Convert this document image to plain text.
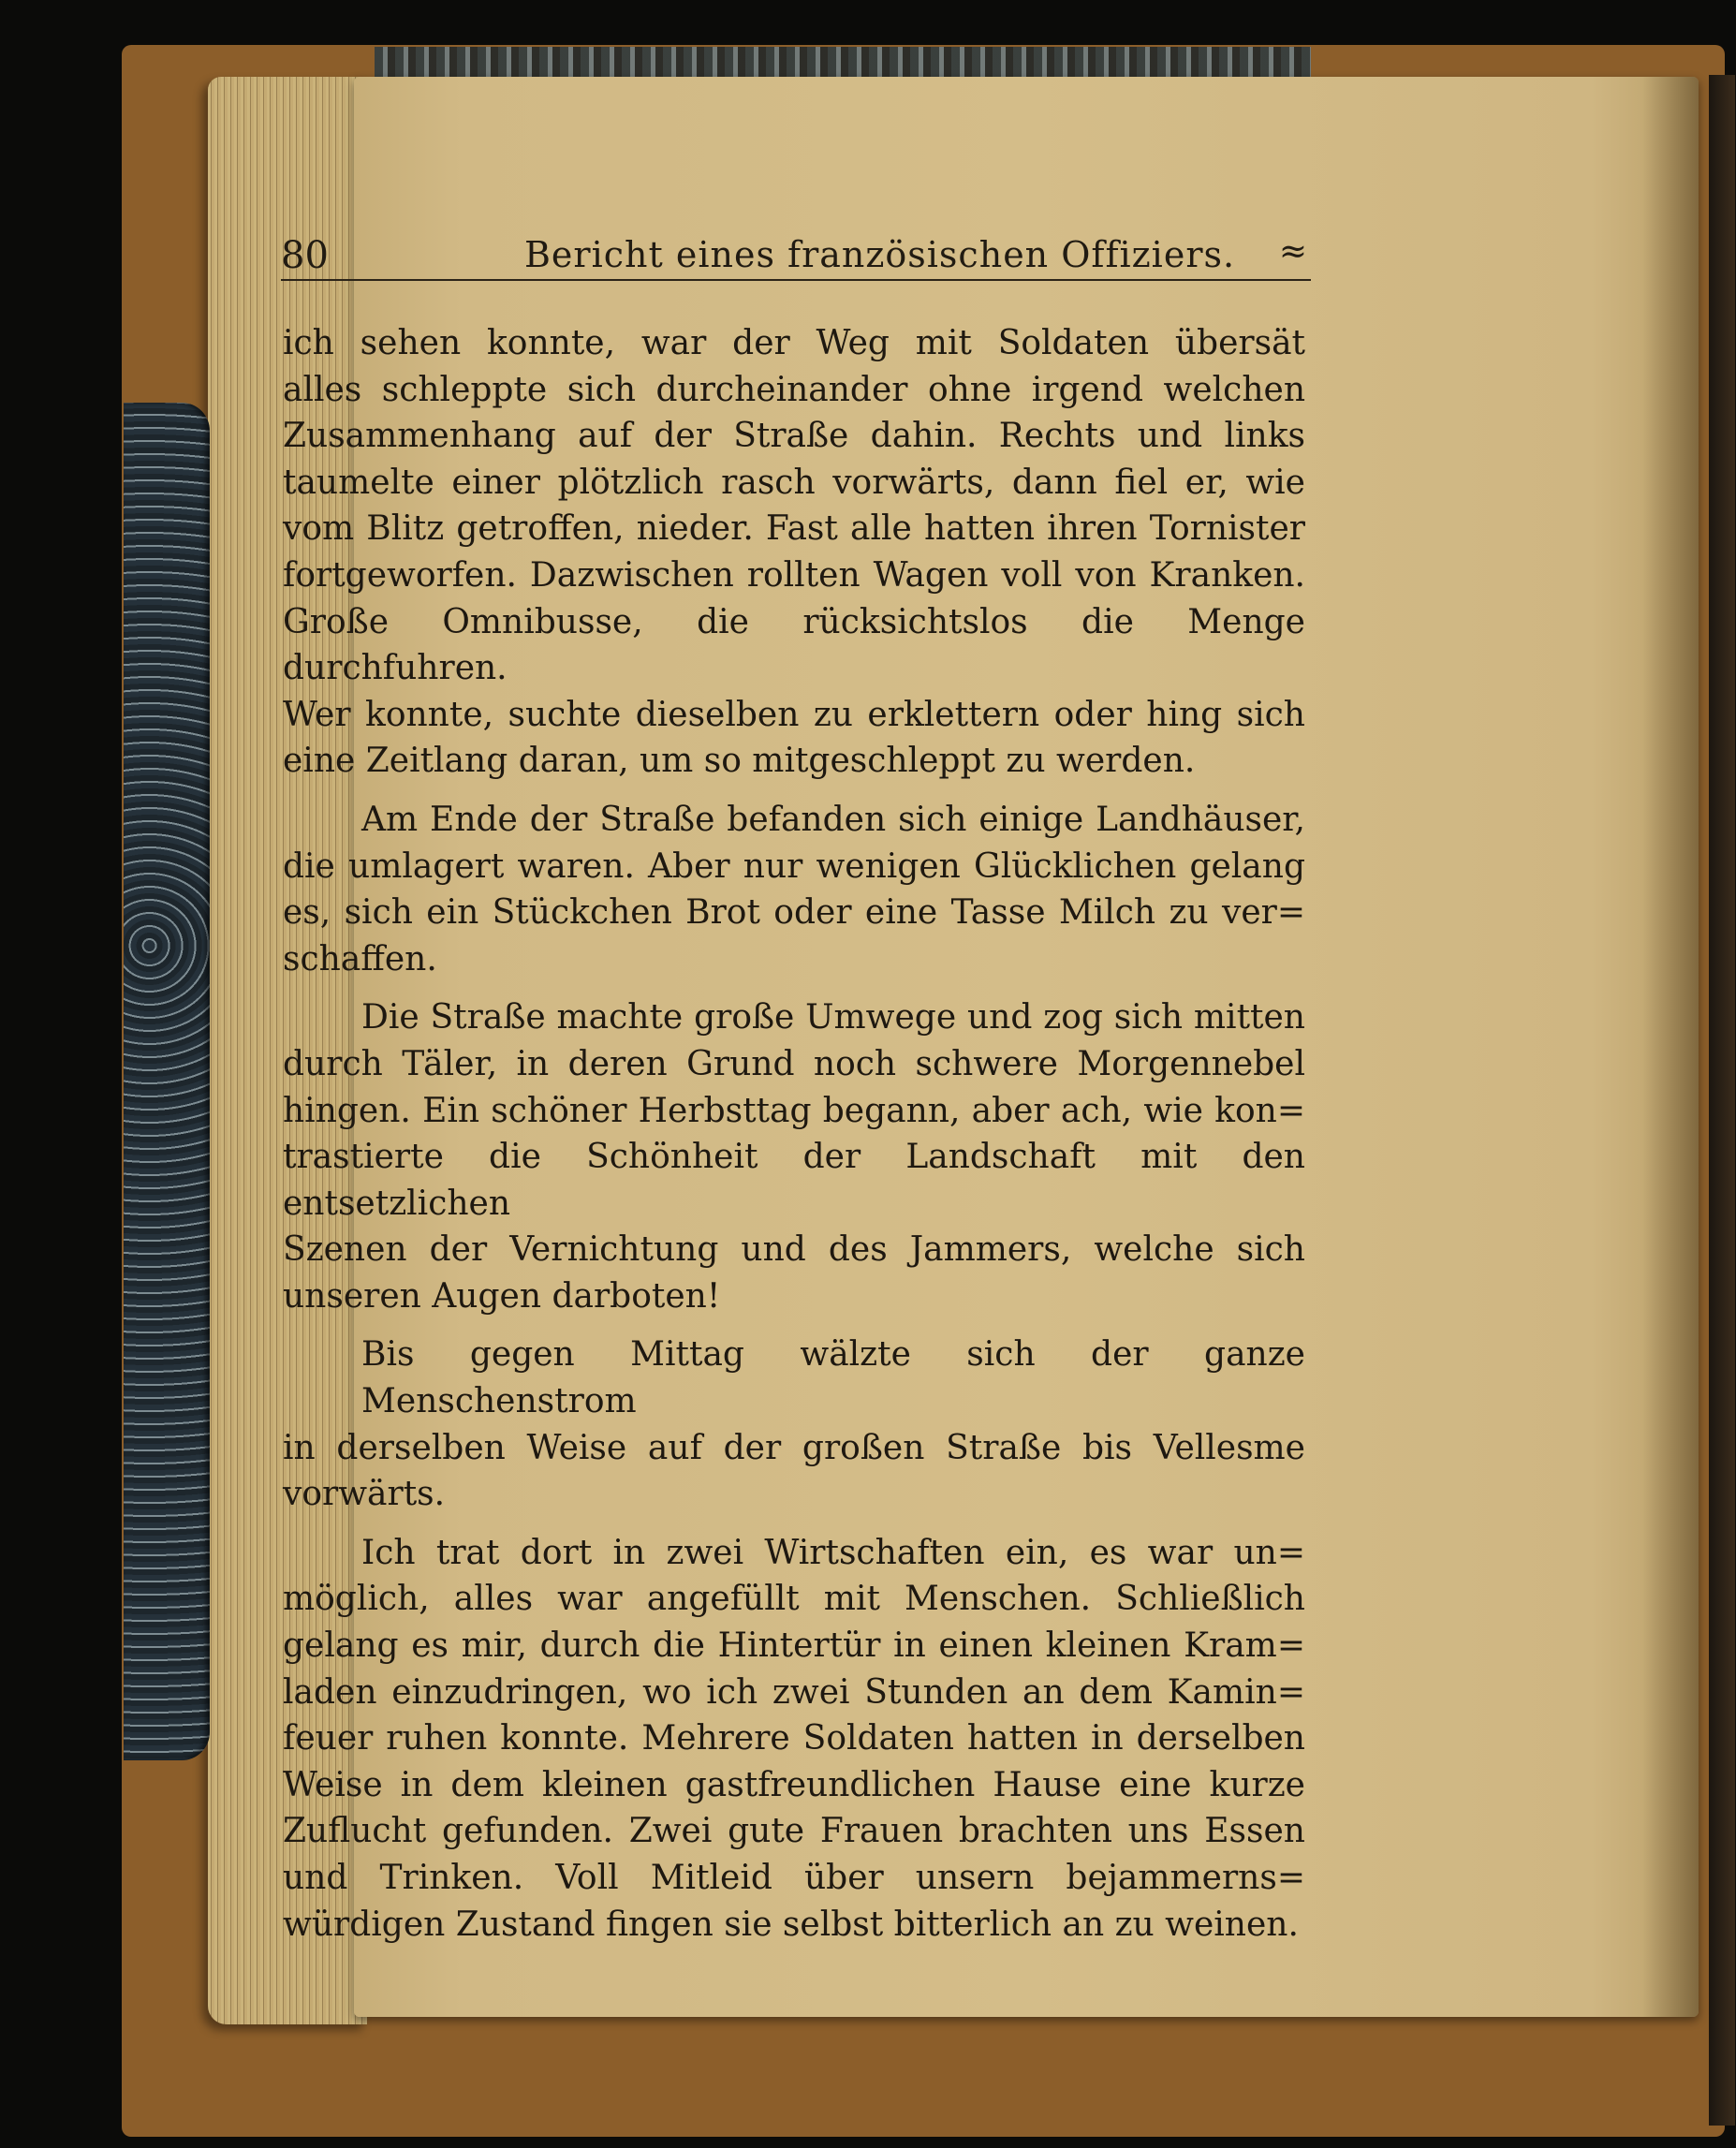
80	Bericht eines französischen Offiziers. ≈
ich sehen konnte, war der Weg mit Soldaten übersät
alles schleppte sich durcheinander ohne irgend welchen
Zusammenhang auf der Straße dahin. Rechts und links
taumelte einer plötzlich rasch vorwärts, dann fiel er, wie
vom Blitz getroffen, nieder. Fast alle hatten ihren Tornister
fortgeworfen. Dazwischen rollten Wagen voll von Kranken.
Große Omnibusse, die rücksichtslos die Menge durchfuhren.
Wer konnte, suchte dieselben zu erklettern oder hing sich
eine Zeitlang daran, um so mitgeschleppt zu werden.
Am Ende der Straße befanden sich einige Landhäuser,
die umlagert waren. Aber nur wenigen Glücklichen gelang
es, sich ein Stückchen Brot oder eine Tasse Milch zu ver=
schaffen.
Die Straße machte große Umwege und zog sich mitten
durch Täler, in deren Grund noch schwere Morgennebel
hingen. Ein schöner Herbsttag begann, aber ach, wie kon=
trastierte die Schönheit der Landschaft mit den entsetzlichen
Szenen der Vernichtung und des Jammers, welche sich
unseren Augen darboten!
Bis gegen Mittag wälzte sich der ganze Menschenstrom
in derselben Weise auf der großen Straße bis Vellesme
vorwärts.
Ich trat dort in zwei Wirtschaften ein, es war un=
möglich, alles war angefüllt mit Menschen. Schließlich
gelang es mir, durch die Hintertür in einen kleinen Kram=
laden einzudringen, wo ich zwei Stunden an dem Kamin=
feuer ruhen konnte. Mehrere Soldaten hatten in derselben
Weise in dem kleinen gastfreundlichen Hause eine kurze
Zuflucht gefunden. Zwei gute Frauen brachten uns Essen
und Trinken. Voll Mitleid über unsern bejammerns=
würdigen Zustand fingen sie selbst bitterlich an zu weinen.
